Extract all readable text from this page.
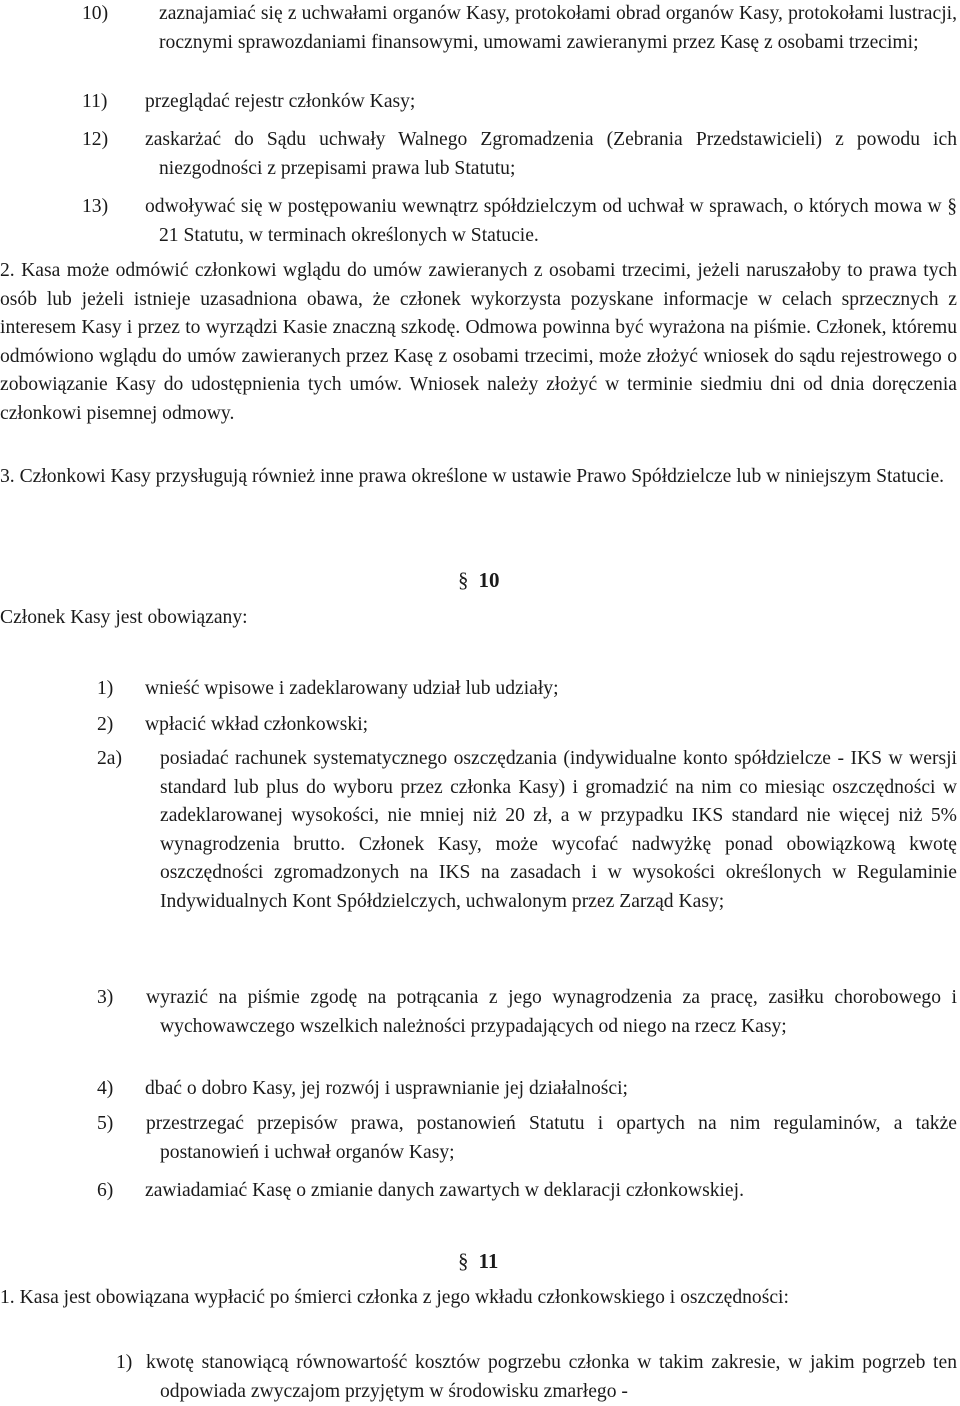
10)	zaznajamiać się z uchwałami organów Kasy, protokołami obrad organów Kasy, protokołami lustracji, rocznymi sprawozdaniami finansowymi, umowami zawieranymi przez Kasę z osobami trzecimi;
11)	przeglądać rejestr członków Kasy;
12)	zaskarżać do Sądu uchwały Walnego Zgromadzenia (Zebrania Przedstawicieli) z powodu ich niezgodności z przepisami prawa lub Statutu;
13)	odwoływać się w postępowaniu wewnątrz spółdzielczym od uchwał w sprawach, o których mowa w § 21 Statutu, w terminach określonych w Statucie.
2. Kasa może odmówić członkowi wglądu do umów zawieranych z osobami trzecimi, jeżeli naruszałoby to prawa tych osób lub jeżeli istnieje uzasadniona obawa, że członek wykorzysta pozyskane informacje w celach sprzecznych z interesem Kasy i przez to wyrządzi Kasie znaczną szkodę. Odmowa powinna być wyrażona na piśmie. Członek, któremu odmówiono wglądu do umów zawieranych przez Kasę z osobami trzecimi, może złożyć wniosek do sądu rejestrowego o zobowiązanie Kasy do udostępnienia tych umów. Wniosek należy złożyć w terminie siedmiu dni od dnia doręczenia członkowi pisemnej odmowy.
3. Członkowi Kasy przysługują również inne prawa określone w ustawie Prawo Spółdzielcze lub w niniejszym Statucie.
§ 10
Członek Kasy jest obowiązany:
1)	wnieść wpisowe i zadeklarowany udział lub udziały;
2)	wpłacić wkład członkowski;
2a)	posiadać rachunek systematycznego oszczędzania (indywidualne konto spółdzielcze - IKS w wersji standard lub plus do wyboru przez członka Kasy) i gromadzić na nim co miesiąc oszczędności w zadeklarowanej wysokości, nie mniej niż 20 zł, a w przypadku IKS standard nie więcej niż 5% wynagrodzenia brutto. Członek Kasy, może wycofać nadwyżkę ponad obowiązkową kwotę oszczędności zgromadzonych na IKS na zasadach i w wysokości określonych w Regulaminie Indywidualnych Kont Spółdzielczych, uchwalonym przez Zarząd Kasy;
3)	wyrazić na piśmie zgodę na potrącania z jego wynagrodzenia za pracę, zasiłku chorobowego i wychowawczego wszelkich należności przypadających od niego na rzecz Kasy;
4)	dbać o dobro Kasy, jej rozwój i usprawnianie jej działalności;
5)	przestrzegać przepisów prawa, postanowień Statutu i opartych na nim regulaminów, a także postanowień i uchwał organów Kasy;
6)	zawiadamiać Kasę o zmianie danych zawartych w deklaracji członkowskiej.
§ 11
1. Kasa jest obowiązana wypłacić po śmierci członka z jego wkładu członkowskiego i oszczędności:
1) kwotę stanowiącą równowartość kosztów pogrzebu członka w takim zakresie, w jakim pogrzeb ten odpowiada zwyczajom przyjętym w środowisku zmarłego -
